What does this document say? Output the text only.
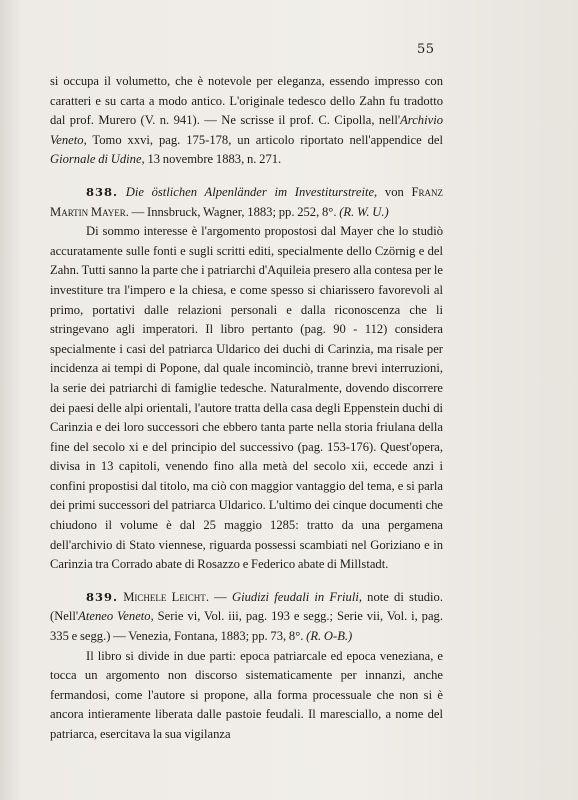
55

si occupa il volumetto, che è notevole per eleganza, essendo impresso con caratteri e su carta a modo antico. L'originale tedesco dello Zahn fu tradotto dal prof. Murero (V. n. 941). — Ne scrisse il prof. C. Cipolla, nell'Archivio Veneto, Tomo xxvi, pag. 175-178, un articolo riportato nell'appendice del Giornale di Udine, 13 novembre 1883, n. 271.

838. Die östlichen Alpenländer im Investiturstreite, von Franz Martin Mayer. — Innsbruck, Wagner, 1883; pp. 252, 8°. (R. W. U.)

Di sommo interesse è l'argomento propostosi dal Mayer che lo studiò accuratamente sulle fonti e sugli scritti editi, specialmente dello Czörnig e del Zahn. Tutti sanno la parte che i patriarchi d'Aquileia presero alla contesa per le investiture tra l'impero e la chiesa, e come spesso si chiarissero favorevoli al primo, portativi dalle relazioni personali e dalla riconoscenza che li stringevano agli imperatori. Il libro pertanto (pag. 90 - 112) considera specialmente i casi del patriarca Uldarico dei duchi di Carinzia, ma risale per incidenza ai tempi di Popone, dal quale incominciò, tranne brevi interruzioni, la serie dei patriarchi di famiglie tedesche. Naturalmente, dovendo discorrere dei paesi delle alpi orientali, l'autore tratta della casa degli Eppenstein duchi di Carinzia e dei loro successori che ebbero tanta parte nella storia friulana della fine del secolo xi e del principio del successivo (pag. 153-176). Quest'opera, divisa in 13 capitoli, venendo fino alla metà del secolo xii, eccede anzi i confini propostisi dal titolo, ma ciò con maggior vantaggio del tema, e si parla dei primi successori del patriarca Uldarico. L'ultimo dei cinque documenti che chiudono il volume è dal 25 maggio 1285: tratto da una pergamena dell'archivio di Stato viennese, riguarda possessi scambiati nel Goriziano e in Carinzia tra Corrado abate di Rosazzo e Federico abate di Millstadt.

839. Michele Leicht. — Giudizi feudali in Friuli, note di studio. (Nell'Ateneo Veneto, Serie vi, Vol. iii, pag. 193 e segg.; Serie vii, Vol. i, pag. 335 e segg.) — Venezia, Fontana, 1883; pp. 73, 8°. (R. O-B.)

Il libro si divide in due parti: epoca patriarcale ed epoca veneziana, e tocca un argomento non discorso sistematicamente per innanzi, anche fermandosi, come l'autore si propone, alla forma processuale che non si è ancora intieramente liberata dalle pastoie feudali. Il maresciallo, a nome del patriarca, esercitava la sua vigilanza
